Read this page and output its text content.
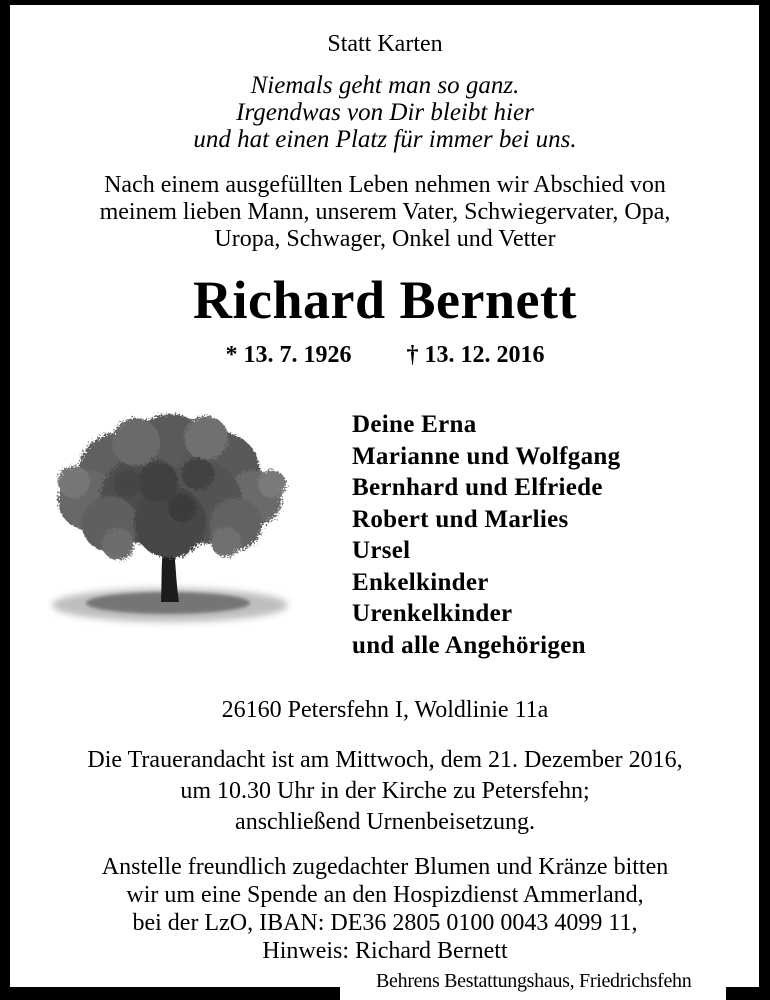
Statt Karten
Niemals geht man so ganz.
Irgendwas von Dir bleibt hier
und hat einen Platz für immer bei uns.
Nach einem ausgefüllten Leben nehmen wir Abschied von
meinem lieben Mann, unserem Vater, Schwiegervater, Opa,
Uropa, Schwager, Onkel und Vetter
Richard Bernett
* 13. 7. 1926 † 13. 12. 2016
Deine Erna
Marianne und Wolfgang
Bernhard und Elfriede
Robert und Marlies
Ursel
Enkelkinder
Urenkelkinder
und alle Angehörigen
26160 Petersfehn I, Woldlinie 11a
Die Trauerandacht ist am Mittwoch, dem 21. Dezember 2016,
um 10.30 Uhr in der Kirche zu Petersfehn;
anschließend Urnenbeisetzung.
Anstelle freundlich zugedachter Blumen und Kränze bitten
wir um eine Spende an den Hospizdienst Ammerland,
bei der LzO, IBAN: DE36 2805 0100 0043 4099 11,
Hinweis: Richard Bernett
Behrens Bestattungshaus, Friedrichsfehn
